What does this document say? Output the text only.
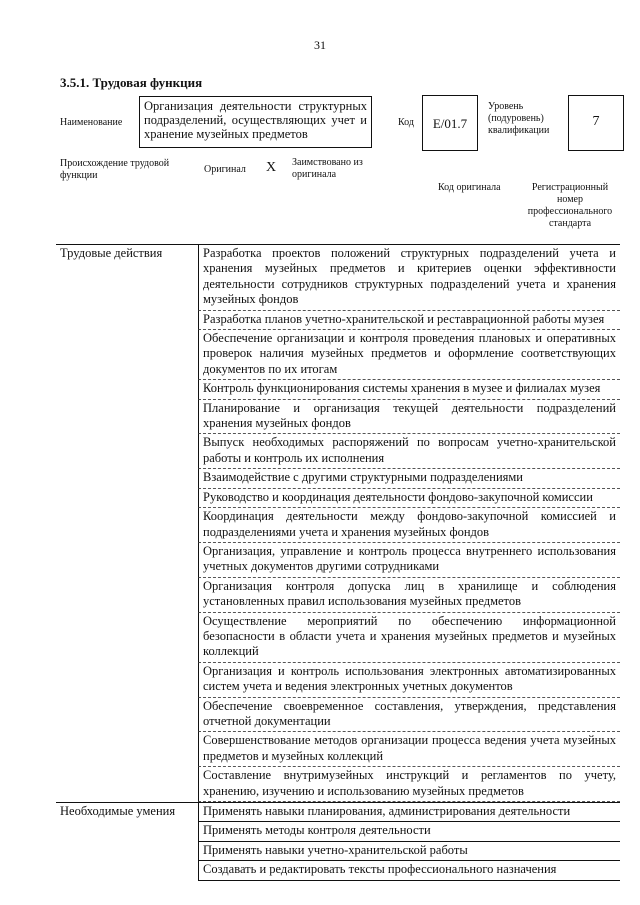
31
3.5.1. Трудовая функция
Наименование
Организация деятельности структурных подразделений, осуществляющих учет и хранение музейных предметов
Код	E/01.7
Уровень (подуровень) квалификации
7
Происхождение трудовой функции
Оригинал X Заимствовано из оригинала
Код оригинала	Регистрационный номер профессионального стандарта
Трудовые действия	Разработка проектов положений структурных подразделений учета и хранения музейных предметов и критериев оценки эффективности деятельности сотрудников структурных подразделений учета и хранения музейных фондов
Разработка планов учетно-хранительской и реставрационной работы музея
Обеспечение организации и контроля проведения плановых и оперативных проверок наличия музейных предметов и оформление соответствующих документов по их итогам
Контроль функционирования системы хранения в музее и филиалах музея
Планирование и организация текущей деятельности подразделений хранения музейных фондов
Выпуск необходимых распоряжений по вопросам учетно-хранительской работы и контроль их исполнения
Взаимодействие с другими структурными подразделениями
Руководство и координация деятельности фондово-закупочной комиссии
Координация деятельности между фондово-закупочной комиссией и подразделениями учета и хранения музейных фондов
Организация, управление и контроль процесса внутреннего использования учетных документов другими сотрудниками
Организация контроля допуска лиц в хранилище и соблюдения установленных правил использования музейных предметов
Осуществление мероприятий по обеспечению информационной безопасности в области учета и хранения музейных предметов и музейных коллекций
Организация и контроль использования электронных автоматизированных систем учета и ведения электронных учетных документов
Обеспечение своевременное составления, утверждения, представления отчетной документации
Совершенствование методов организации процесса ведения учета музейных предметов и музейных коллекций
Составление внутримузейных инструкций и регламентов по учету, хранению, изучению и использованию музейных предметов
Необходимые умения	Применять навыки планирования, администрирования деятельности
Применять методы контроля деятельности
Применять навыки учетно-хранительской работы
Создавать и редактировать тексты профессионального назначения
